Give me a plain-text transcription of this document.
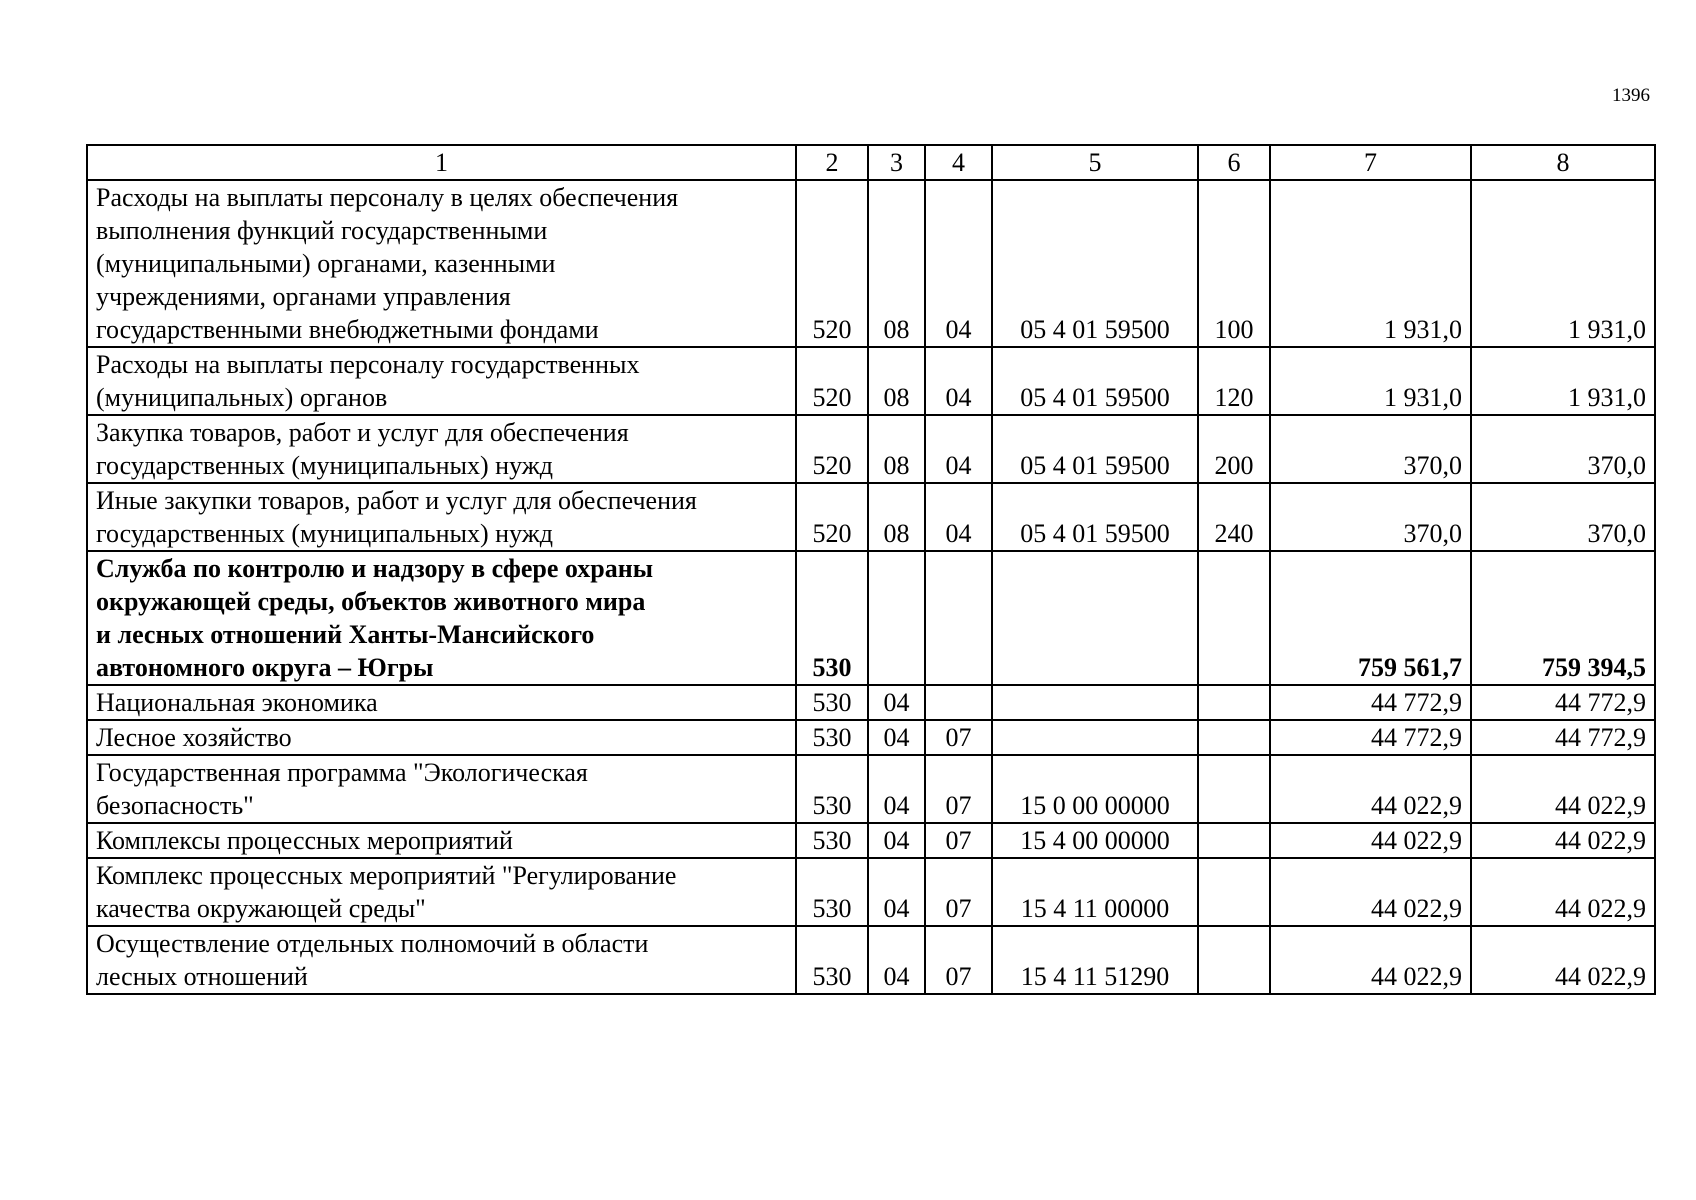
1396
1	2	3	4	5	6	7	8

Расходы на выплаты персоналу в целях обеспечения
выполнения функций государственными
(муниципальными) органами, казенными
учреждениями, органами управления
государственными внебюджетными фондами	520	08	04	05 4 01 59500	100	1 931,0	1 931,0

Расходы на выплаты персоналу государственных
(муниципальных) органов	520	08	04	05 4 01 59500	120	1 931,0	1 931,0

Закупка товаров, работ и услуг для обеспечения
государственных (муниципальных) нужд	520	08	04	05 4 01 59500	200	370,0	370,0

Иные закупки товаров, работ и услуг для обеспечения
государственных (муниципальных) нужд	520	08	04	05 4 01 59500	240	370,0	370,0

Служба по контролю и надзору в сфере охраны
окружающей среды, объектов животного мира
и лесных отношений Ханты-Мансийского
автономного округа – Югры	530					759 561,7	759 394,5

Национальная экономика	530	04				44 772,9	44 772,9

Лесное хозяйство	530	04	07			44 772,9	44 772,9

Государственная программа "Экологическая
безопасность"	530	04	07	15 0 00 00000		44 022,9	44 022,9

Комплексы процессных мероприятий	530	04	07	15 4 00 00000		44 022,9	44 022,9

Комплекс процессных мероприятий "Регулирование
качества окружающей среды"	530	04	07	15 4 11 00000		44 022,9	44 022,9

Осуществление отдельных полномочий в области
лесных отношений	530	04	07	15 4 11 51290		44 022,9	44 022,9
